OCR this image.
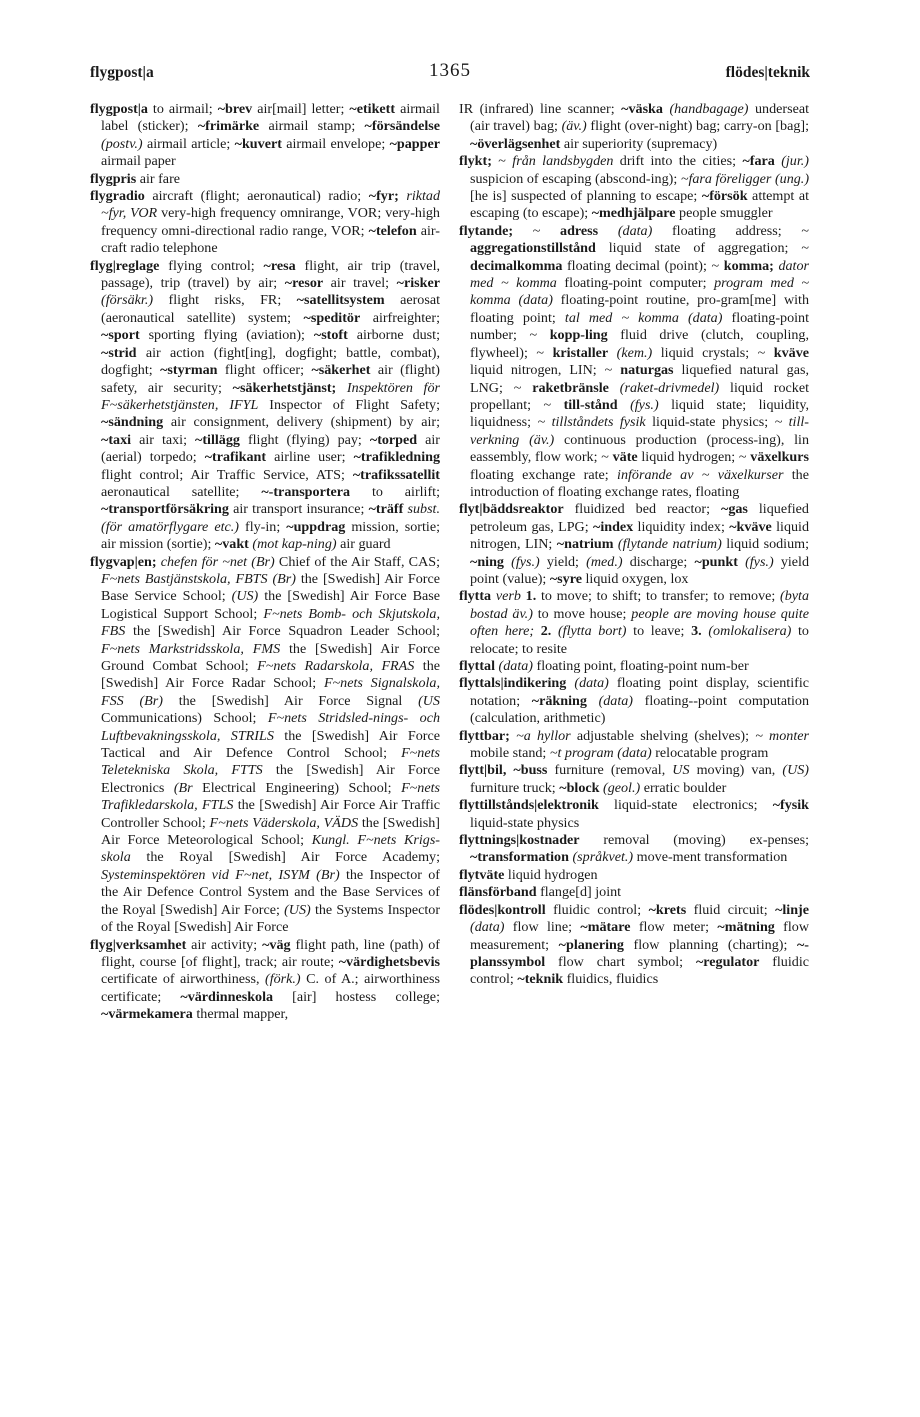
flygpost|a	1365	flödes|teknik

flygpost|a to airmail; ~brev air[mail] letter; ~etikett airmail label (sticker); ~frimärke airmail stamp; ~försändelse (postv.) airmail article; ~kuvert airmail envelope; ~papper airmail paper

flygpris air fare

flygradio aircraft (flight; aeronautical) radio; ~fyr; riktad ~fyr, VOR very-high frequency omnirange, VOR; very-high frequency omni-directional radio range, VOR; ~telefon air-craft radio telephone

flyg|reglage flying control; ~resa flight, air trip (travel, passage), trip (travel) by air; ~resor air travel; ~risker (försäkr.) flight risks, FR; ~satellitsystem aerosat (aeronautical satellite) system; ~speditör airfreighter; ~sport sporting flying (aviation); ~stoft airborne dust; ~strid air action (fight[ing], dogfight; battle, combat), dogfight; ~styrman flight officer; ~säkerhet air (flight) safety, air security; ~säkerhetstjänst; Inspektören för F~säkerhetstjänsten, IFYL Inspector of Flight Safety; ~sändning air consignment, delivery (shipment) by air; ~taxi air taxi; ~tillägg flight (flying) pay; ~torped air (aerial) torpedo; ~trafikant airline user; ~trafikledning flight control; Air Traffic Service, ATS; ~trafikssatellit aeronautical satellite; ~-transportera to airlift; ~transportförsäkring air transport insurance; ~träff subst. (för amatörflygare etc.) fly-in; ~uppdrag mission, sortie; air mission (sortie); ~vakt (mot kap-ning) air guard

flygvap|en; chefen för ~net (Br) Chief of the Air Staff, CAS; F~nets Bastjänstskola, FBTS (Br) the [Swedish] Air Force Base Service School; (US) the [Swedish] Air Force Base Logistical Support School; F~nets Bomb- och Skjutskola, FBS the [Swedish] Air Force Squadron Leader School; F~nets Markstridsskola, FMS the [Swedish] Air Force Ground Combat School; F~nets Radarskola, FRAS the [Swedish] Air Force Radar School; F~nets Signalskola, FSS (Br) the [Swedish] Air Force Signal (US Communications) School; F~nets Stridsled-nings- och Luftbevakningsskola, STRILS the [Swedish] Air Force Tactical and Air Defence Control School; F~nets Teletekniska Skola, FTTS the [Swedish] Air Force Electronics (Br Electrical Engineering) School; F~nets Trafikledarskola, FTLS the [Swedish] Air Force Air Traffic Controller School; F~nets Väderskola, VÄDS the [Swedish] Air Force Meteorological School; Kungl. F~nets Krigs-skola the Royal [Swedish] Air Force Academy; Systeminspektören vid F~net, ISYM (Br) the Inspector of the Air Defence Control System and the Base Services of the Royal [Swedish] Air Force; (US) the Systems Inspector of the Royal [Swedish] Air Force

flyg|verksamhet air activity; ~väg flight path, line (path) of flight, course [of flight], track; air route; ~värdighetsbevis certificate of airworthiness, (förk.) C. of A.; airworthiness certificate; ~värdinneskola [air] hostess college; ~värmekamera thermal mapper,

IR (infrared) line scanner; ~väska (handbagage) underseat (air travel) bag; (äv.) flight (over-night) bag; carry-on [bag]; ~överlägsenhet air superiority (supremacy)

flykt; ~ från landsbygden drift into the cities; ~fara (jur.) suspicion of escaping (abscond-ing); ~fara föreligger (ung.) [he is] suspected of planning to escape; ~försök attempt at escaping (to escape); ~medhjälpare people smuggler

flytande; ~ adress (data) floating address; ~ aggregationstillstånd liquid state of aggregation; ~ decimalkomma floating decimal (point); ~ komma; dator med ~ komma floating-point computer; program med ~ komma (data) floating-point routine, pro-gram[me] with floating point; tal med ~ komma (data) floating-point number; ~ kopp-ling fluid drive (clutch, coupling, flywheel); ~ kristaller (kem.) liquid crystals; ~ kväve liquid nitrogen, LIN; ~ naturgas liquefied natural gas, LNG; ~ raketbränsle (raket-drivmedel) liquid rocket propellant; ~ till-stånd (fys.) liquid state; liquidity, liquidness; ~ tillståndets fysik liquid-state physics; ~ till-verkning (äv.) continuous production (process-ing), lin eassembly, flow work; ~ väte liquid hydrogen; ~ växelkurs floating exchange rate; införande av ~ växelkurser the introduction of floating exchange rates, floating

flyt|bäddsreaktor fluidized bed reactor; ~gas liquefied petroleum gas, LPG; ~index liquidity index; ~kväve liquid nitrogen, LIN; ~natrium (flytande natrium) liquid sodium; ~ning (fys.) yield; (med.) discharge; ~punkt (fys.) yield point (value); ~syre liquid oxygen, lox

flytta verb 1. to move; to shift; to transfer; to remove; (byta bostad äv.) to move house; people are moving house quite often here; 2. (flytta bort) to leave; 3. (omlokalisera) to relocate; to resite

flyttal (data) floating point, floating-point num-ber

flyttals|indikering (data) floating point display, scientific notation; ~räkning (data) floating--point computation (calculation, arithmetic)

flyttbar; ~a hyllor adjustable shelving (shelves); ~ monter mobile stand; ~t program (data) relocatable program

flytt|bil, ~buss furniture (removal, US moving) van, (US) furniture truck; ~block (geol.) erratic boulder

flyttillstånds|elektronik liquid-state electronics; ~fysik liquid-state physics

flyttnings|kostnader removal (moving) ex-penses; ~transformation (språkvet.) move-ment transformation

flytväte liquid hydrogen

flänsförband flange[d] joint

flödes|kontroll fluidic control; ~krets fluid circuit; ~linje (data) flow line; ~mätare flow meter; ~mätning flow measurement; ~planering flow planning (charting); ~-planssymbol flow chart symbol; ~regulator fluidic control; ~teknik fluidics, fluidics
